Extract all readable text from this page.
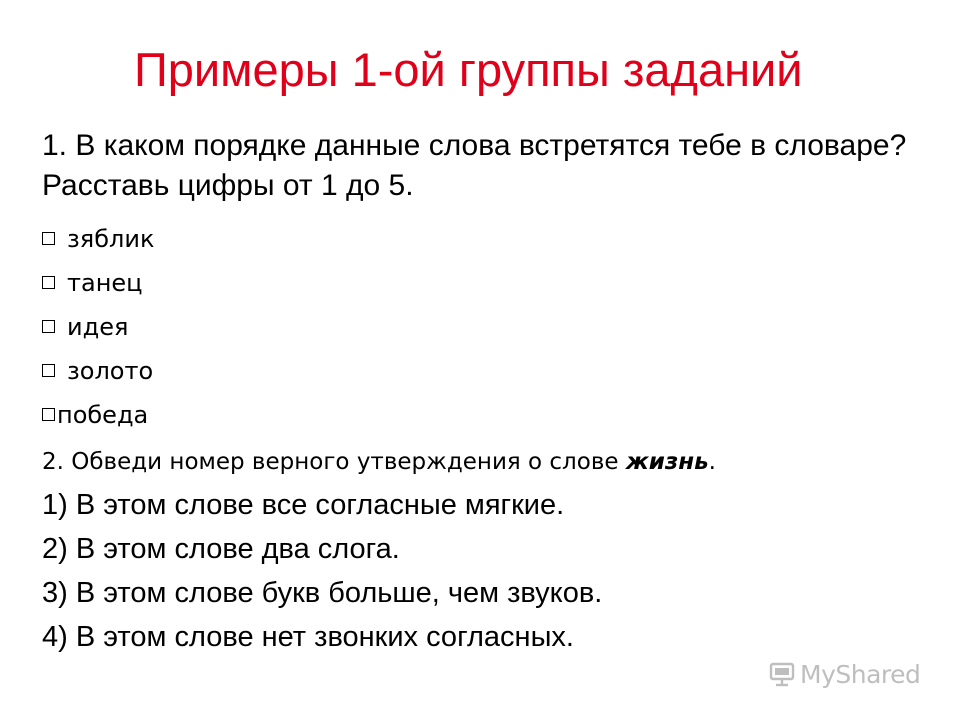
Примеры 1-ой группы заданий
1. В каком порядке данные слова встретятся тебе в словаре? Расставь цифры от 1 до 5.
зяблик
танец
идея
золото
победа
2. Обведи номер верного утверждения о слове жизнь.
1) В этом слове все согласные мягкие.
2) В этом слове два слога.
3) В этом слове букв больше, чем звуков.
4) В этом слове нет звонких согласных.
MyShared
